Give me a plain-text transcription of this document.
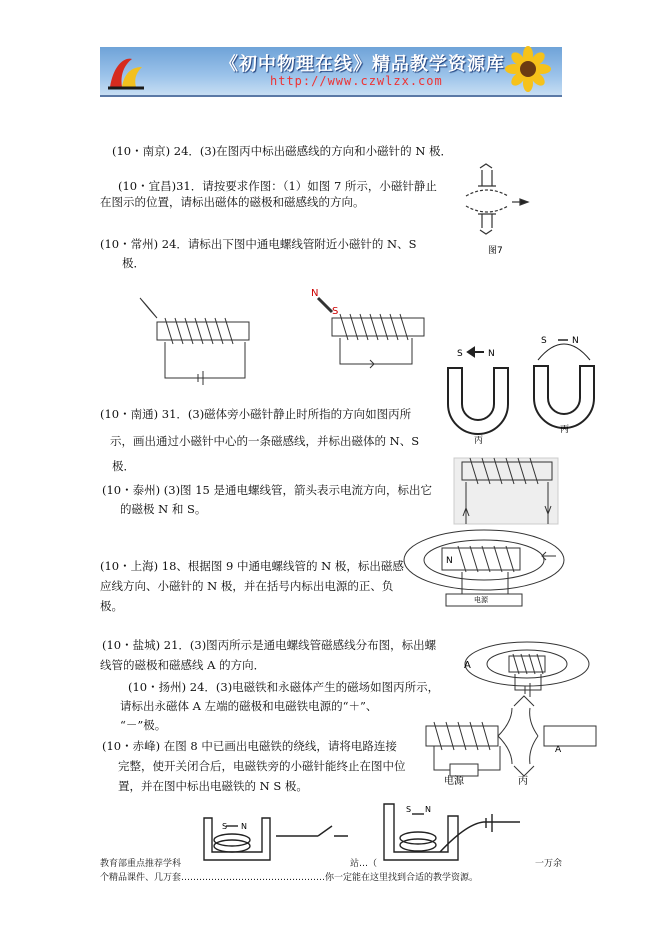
《初中物理在线》精品教学资源库
http://www.czwlzx.com
(10・南京) 24．(3)在图丙中标出磁感线的方向和小磁针的 N 极．
(10・宜昌)31．请按要求作图：（1）如图 7 所示，小磁针静止
在图示的位置，请标出磁体的磁极和磁感线的方向。
(10・常州) 24．请标出下图中通电螺线管附近小磁针的 N、S
极．
(10・南通) 31．(3)磁体旁小磁针静止时所指的方向如图丙所
示，画出通过小磁针中心的一条磁感线，并标出磁体的 N、S
极．
(10・泰州) (3)图 15 是通电螺线管，箭头表示电流方向，标出它
的磁极 N 和 S。
(10・上海) 18、根据图 9 中通电螺线管的 N 极，标出磁感
应线方向、小磁针的 N 极，并在括号内标出电源的正、负
极。
(10・盐城) 21．(3)图丙所示是通电螺线管磁感线分布图，标出螺
线管的磁极和磁感线 A 的方向．
(10・扬州) 24．(3)电磁铁和永磁体产生的磁场如图丙所示，
请标出永磁体 A 左端的磁极和电磁铁电源的“＋”、
“－”极。
(10・赤峰) 在图 8 中已画出电磁铁的绕线，请将电路连接
完整，使开关闭合后，电磁铁旁的小磁针能终止在图中位
置，并在图中标出电磁铁的 N S 极。
图7
N
S
S	N
丙
S	N
丙
N
电源
A
A
电源	丙
S N
S N
教育部重点推荐学科	站…（	一万余
个精品课件、几万套…………………………………………你一定能在这里找到合适的教学资源。
